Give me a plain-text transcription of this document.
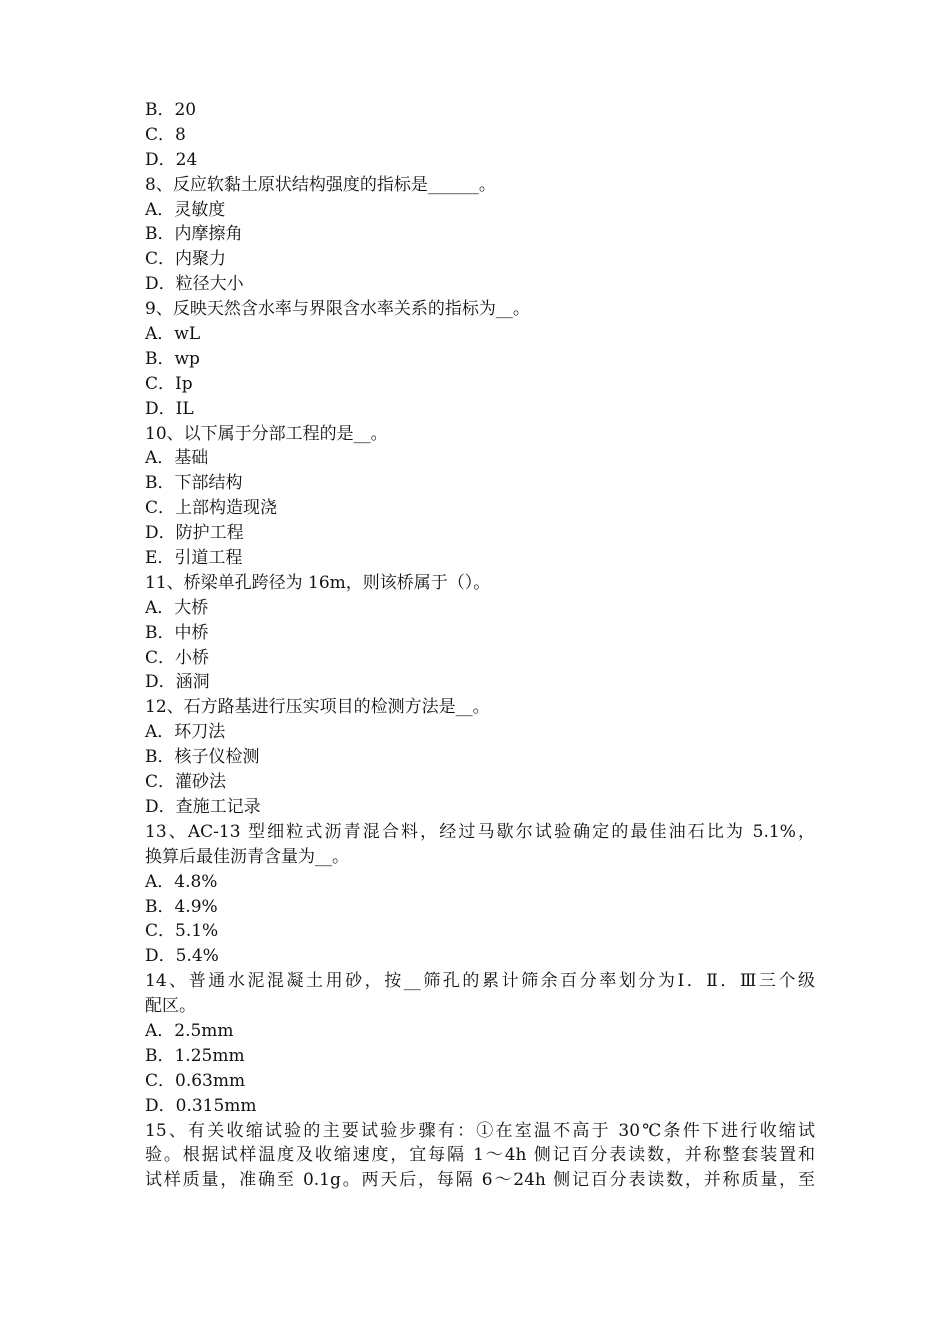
B．20
C．8
D．24
8、反应软黏土原状结构强度的指标是______。
A．灵敏度
B．内摩擦角
C．内聚力
D．粒径大小
9、反映天然含水率与界限含水率关系的指标为__。
A．wL
B．wp
C．Ip
D．IL
10、以下属于分部工程的是__。
A．基础
B．下部结构
C．上部构造现浇
D．防护工程
E．引道工程
11、桥梁单孔跨径为 16m，则该桥属于（）。
A．大桥
B．中桥
C．小桥
D．涵洞
12、石方路基进行压实项目的检测方法是__。
A．环刀法
B．核子仪检测
C．灌砂法
D．查施工记录
13、AC-13 型细粒式沥青混合料，经过马歇尔试验确定的最佳油石比为 5.1%，
换算后最佳沥青含量为__。
A．4.8%
B．4.9%
C．5.1%
D．5.4%
14、普通水泥混凝土用砂，按__筛孔的累计筛余百分率划分为Ⅰ．Ⅱ．Ⅲ三个级
配区。
A．2.5mm
B．1.25mm
C．0.63mm
D．0.315mm
15、有关收缩试验的主要试验步骤有：①在室温不高于 30℃条件下进行收缩试
验。根据试样温度及收缩速度，宜每隔 1～4h 侧记百分表读数，并称整套装置和
试样质量，准确至 0.1g。两天后，每隔 6～24h 侧记百分表读数，并称质量，至
